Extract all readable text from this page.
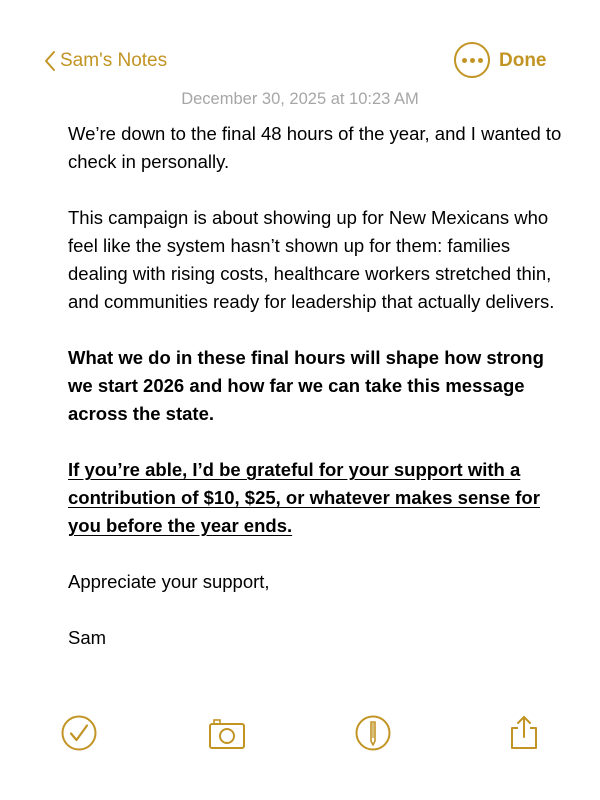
Sam's Notes	Done
December 30, 2025 at 10:23 AM

We’re down to the final 48 hours of the year, and I wanted to check in personally.

This campaign is about showing up for New Mexicans who feel like the system hasn’t shown up for them: families dealing with rising costs, healthcare workers stretched thin, and communities ready for leadership that actually delivers.

What we do in these final hours will shape how strong we start 2026 and how far we can take this message across the state.

If you’re able, I’d be grateful for your support with a contribution of $10, $25, or whatever makes sense for you before the year ends.

Appreciate your support,

Sam
